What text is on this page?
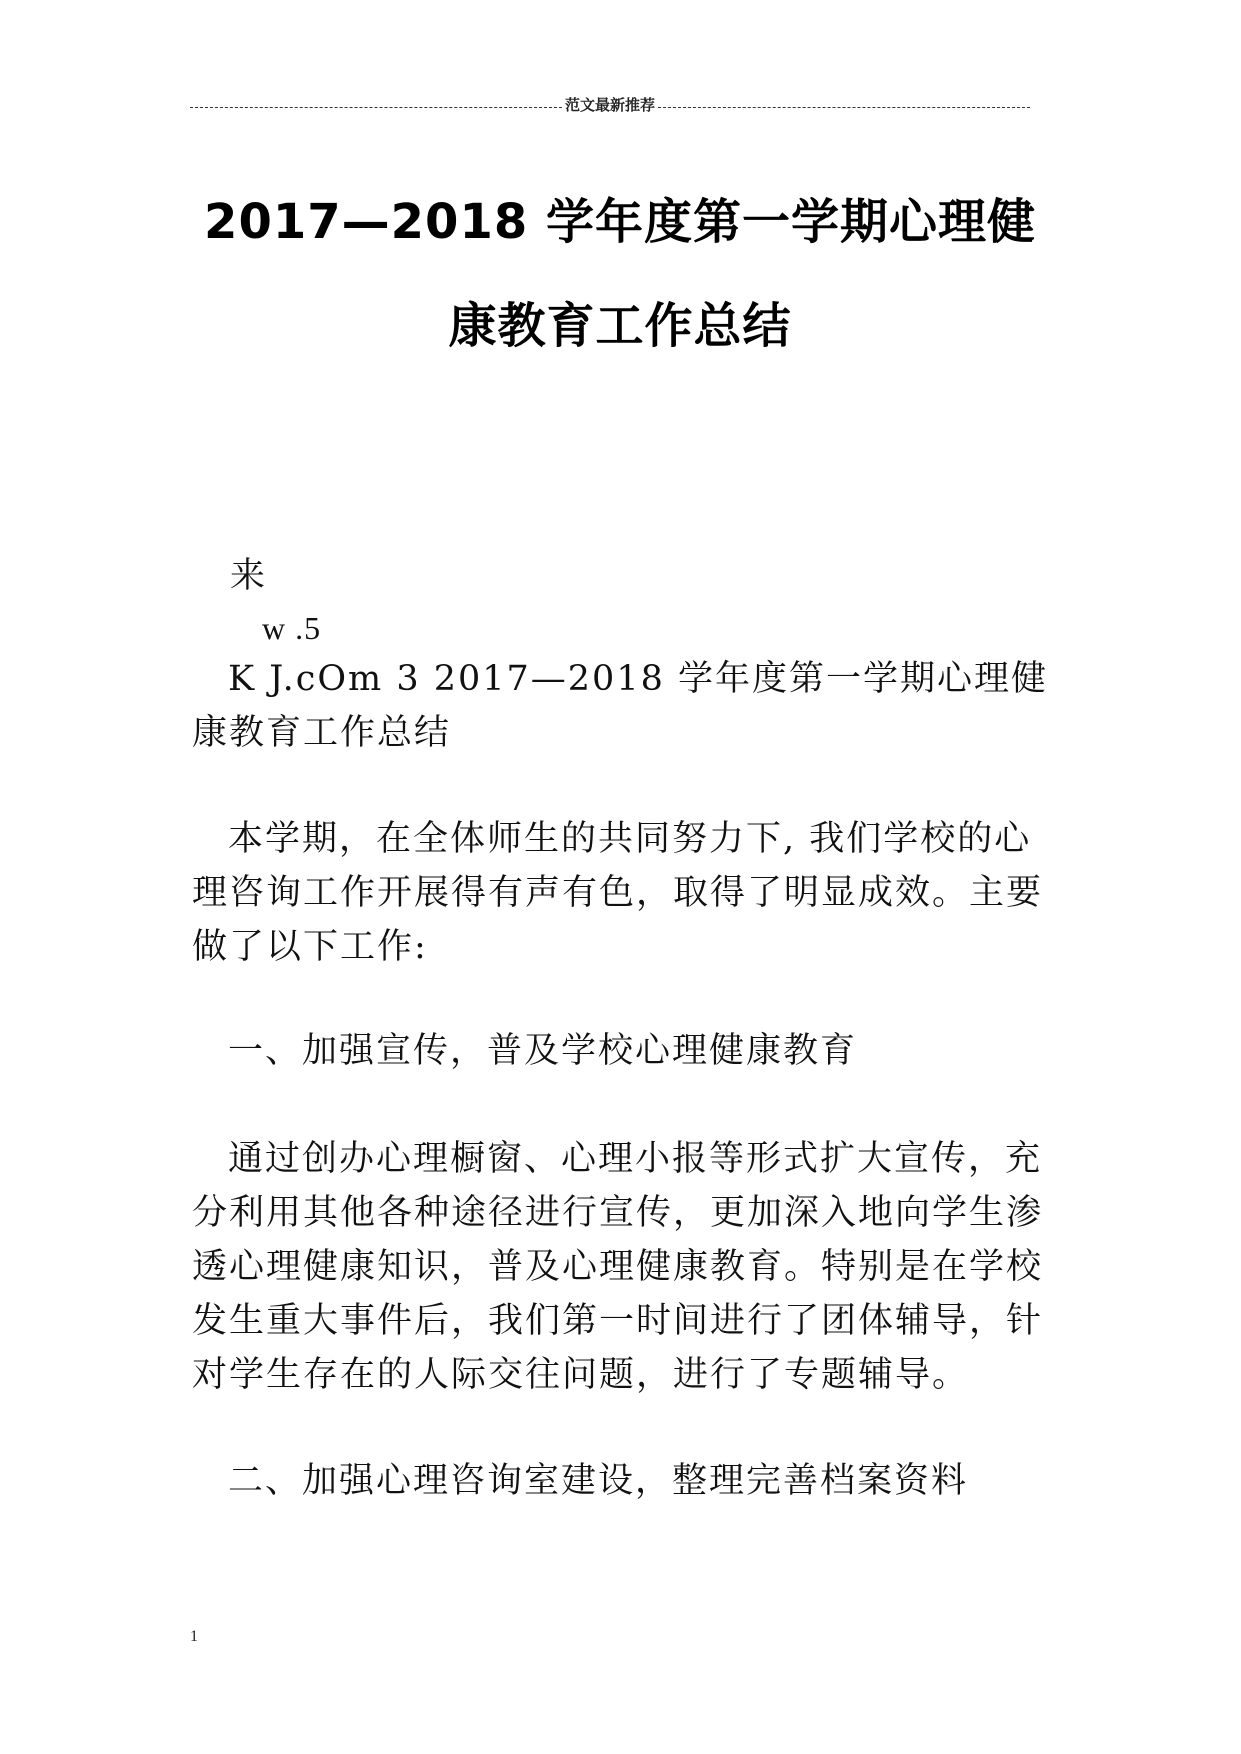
范文最新推荐
2017—2018 学年度第一学期心理健
康教育工作总结
来
w .5

K J.cOm 3 2017—2018 学年度第一学期心理健康教育工作总结

本学期，在全体师生的共同努力下, 我们学校的心理咨询工作开展得有声有色，取得了明显成效。主要做了以下工作:

一、加强宣传，普及学校心理健康教育

通过创办心理橱窗、心理小报等形式扩大宣传，充分利用其他各种途径进行宣传，更加深入地向学生渗透心理健康知识，普及心理健康教育。特别是在学校发生重大事件后，我们第一时间进行了团体辅导，针对学生存在的人际交往问题，进行了专题辅导。

二、加强心理咨询室建设，整理完善档案资料

1
